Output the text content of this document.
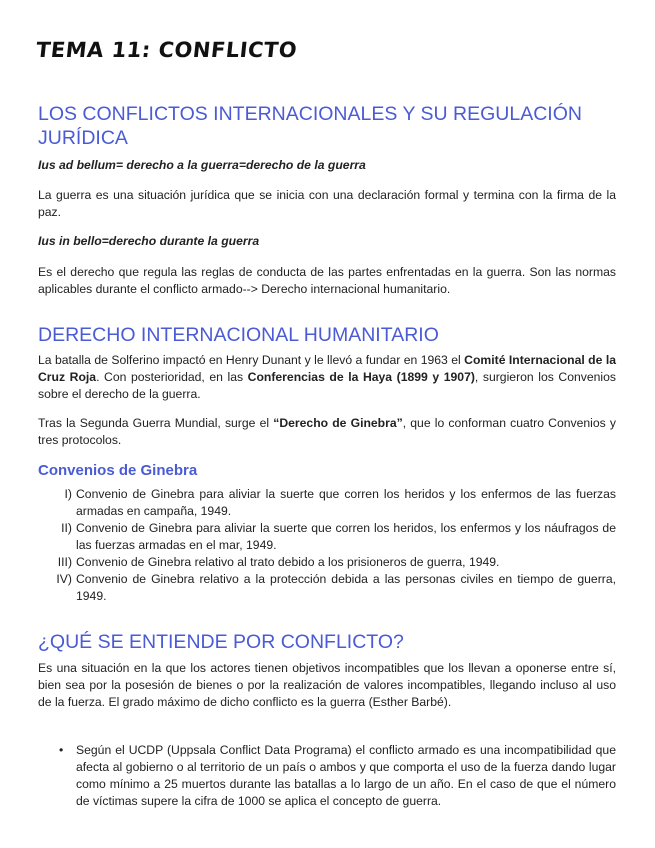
TEMA 11: CONFLICTO
LOS CONFLICTOS INTERNACIONALES Y SU REGULACIÓN JURÍDICA

Ius ad bellum= derecho a la guerra=derecho de la guerra

La guerra es una situación jurídica que se inicia con una declaración formal y termina con la firma de la paz.

Ius in bello=derecho durante la guerra

Es el derecho que regula las reglas de conducta de las partes enfrentadas en la guerra. Son las normas aplicables durante el conflicto armado--> Derecho internacional humanitario.

DERECHO INTERNACIONAL HUMANITARIO

La batalla de Solferino impactó en Henry Dunant y le llevó a fundar en 1963 el Comité Internacional de la Cruz Roja. Con posterioridad, en las Conferencias de la Haya (1899 y 1907), surgieron los Convenios sobre el derecho de la guerra.

Tras la Segunda Guerra Mundial, surge el “Derecho de Ginebra”, que lo conforman cuatro Convenios y tres protocolos.

Convenios de Ginebra
I) Convenio de Ginebra para aliviar la suerte que corren los heridos y los enfermos de las fuerzas armadas en campaña, 1949.
II) Convenio de Ginebra para aliviar la suerte que corren los heridos, los enfermos y los náufragos de las fuerzas armadas en el mar, 1949.
III) Convenio de Ginebra relativo al trato debido a los prisioneros de guerra, 1949.
IV) Convenio de Ginebra relativo a la protección debida a las personas civiles en tiempo de guerra, 1949.
¿QUÉ SE ENTIENDE POR CONFLICTO?

Es una situación en la que los actores tienen objetivos incompatibles que los llevan a oponerse entre sí, bien sea por la posesión de bienes o por la realización de valores incompatibles, llegando incluso al uso de la fuerza. El grado máximo de dicho conflicto es la guerra (Esther Barbé).

• Según el UCDP (Uppsala Conflict Data Programa) el conflicto armado es una incompatibilidad que afecta al gobierno o al territorio de un país o ambos y que comporta el uso de la fuerza dando lugar como mínimo a 25 muertos durante las batallas a lo largo de un año. En el caso de que el número de víctimas supere la cifra de 1000 se aplica el concepto de guerra.
